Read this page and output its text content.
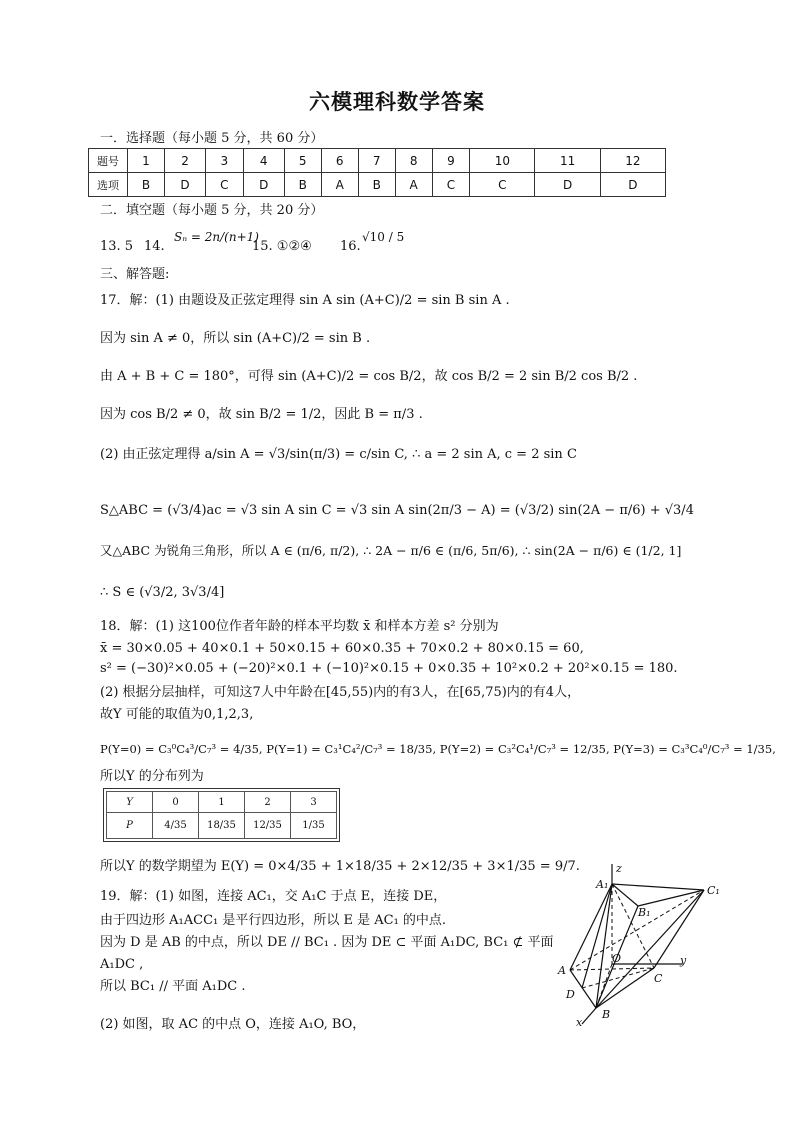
六模理科数学答案
一．选择题（每小题 5 分，共 60 分）
题号	1	2	3	4	5	6	7	8	9	10	11	12
选项	B	D	C	D	B	A	B	A	C	C	D	D
二．填空题（每小题 5 分，共 20 分）
13. 5 14.
Sₙ = 2n/(n+1)
15. ①②④ 16.
√10 / 5
三、解答题:
17．解：(1) 由题设及正弦定理得 sin A sin (A+C)/2 = sin B sin A .
因为 sin A ≠ 0，所以 sin (A+C)/2 = sin B .
由 A + B + C = 180°，可得 sin (A+C)/2 = cos B/2，故 cos B/2 = 2 sin B/2 cos B/2 .
因为 cos B/2 ≠ 0，故 sin B/2 = 1/2，因此 B = π/3 .
(2) 由正弦定理得 a/sin A = √3/sin(π/3) = c/sin C, ∴ a = 2 sin A, c = 2 sin C
S△ABC = (√3/4)ac = √3 sin A sin C = √3 sin A sin(2π/3 − A) = (√3/2) sin(2A − π/6) + √3/4
又△ABC 为锐角三角形，所以 A ∈ (π/6, π/2), ∴ 2A − π/6 ∈ (π/6, 5π/6), ∴ sin(2A − π/6) ∈ (1/2, 1]
∴ S ∈ (√3/2, 3√3/4]
18．解：(1) 这100位作者年龄的样本平均数 x̄ 和样本方差 s² 分别为
x̄ = 30×0.05 + 40×0.1 + 50×0.15 + 60×0.35 + 70×0.2 + 80×0.15 = 60,
s² = (−30)²×0.05 + (−20)²×0.1 + (−10)²×0.15 + 0×0.35 + 10²×0.2 + 20²×0.15 = 180.
(2) 根据分层抽样，可知这7人中年龄在[45,55)内的有3人，在[65,75)内的有4人，
故Y 可能的取值为0,1,2,3,
P(Y=0) = C₃⁰C₄³/C₇³ = 4/35, P(Y=1) = C₃¹C₄²/C₇³ = 18/35, P(Y=2) = C₃²C₄¹/C₇³ = 12/35, P(Y=3) = C₃³C₄⁰/C₇³ = 1/35,
所以Y 的分布列为
Y	0	1	2	3
P	4/35	18/35	12/35	1/35
所以Y 的数学期望为 E(Y) = 0×4/35 + 1×18/35 + 2×12/35 + 3×1/35 = 9/7.
19．解：(1) 如图，连接 AC₁，交 A₁C 于点 E，连接 DE，
由于四边形 A₁ACC₁ 是平行四边形，所以 E 是 AC₁ 的中点.
因为 D 是 AB 的中点，所以 DE // BC₁ . 因为 DE ⊂ 平面 A₁DC, BC₁ ⊄ 平面
A₁DC ,
所以 BC₁ // 平面 A₁DC .
(2) 如图，取 AC 的中点 O，连接 A₁O, BO，
z
A₁	C₁
B₁
O
A
y
C
D
B
x
